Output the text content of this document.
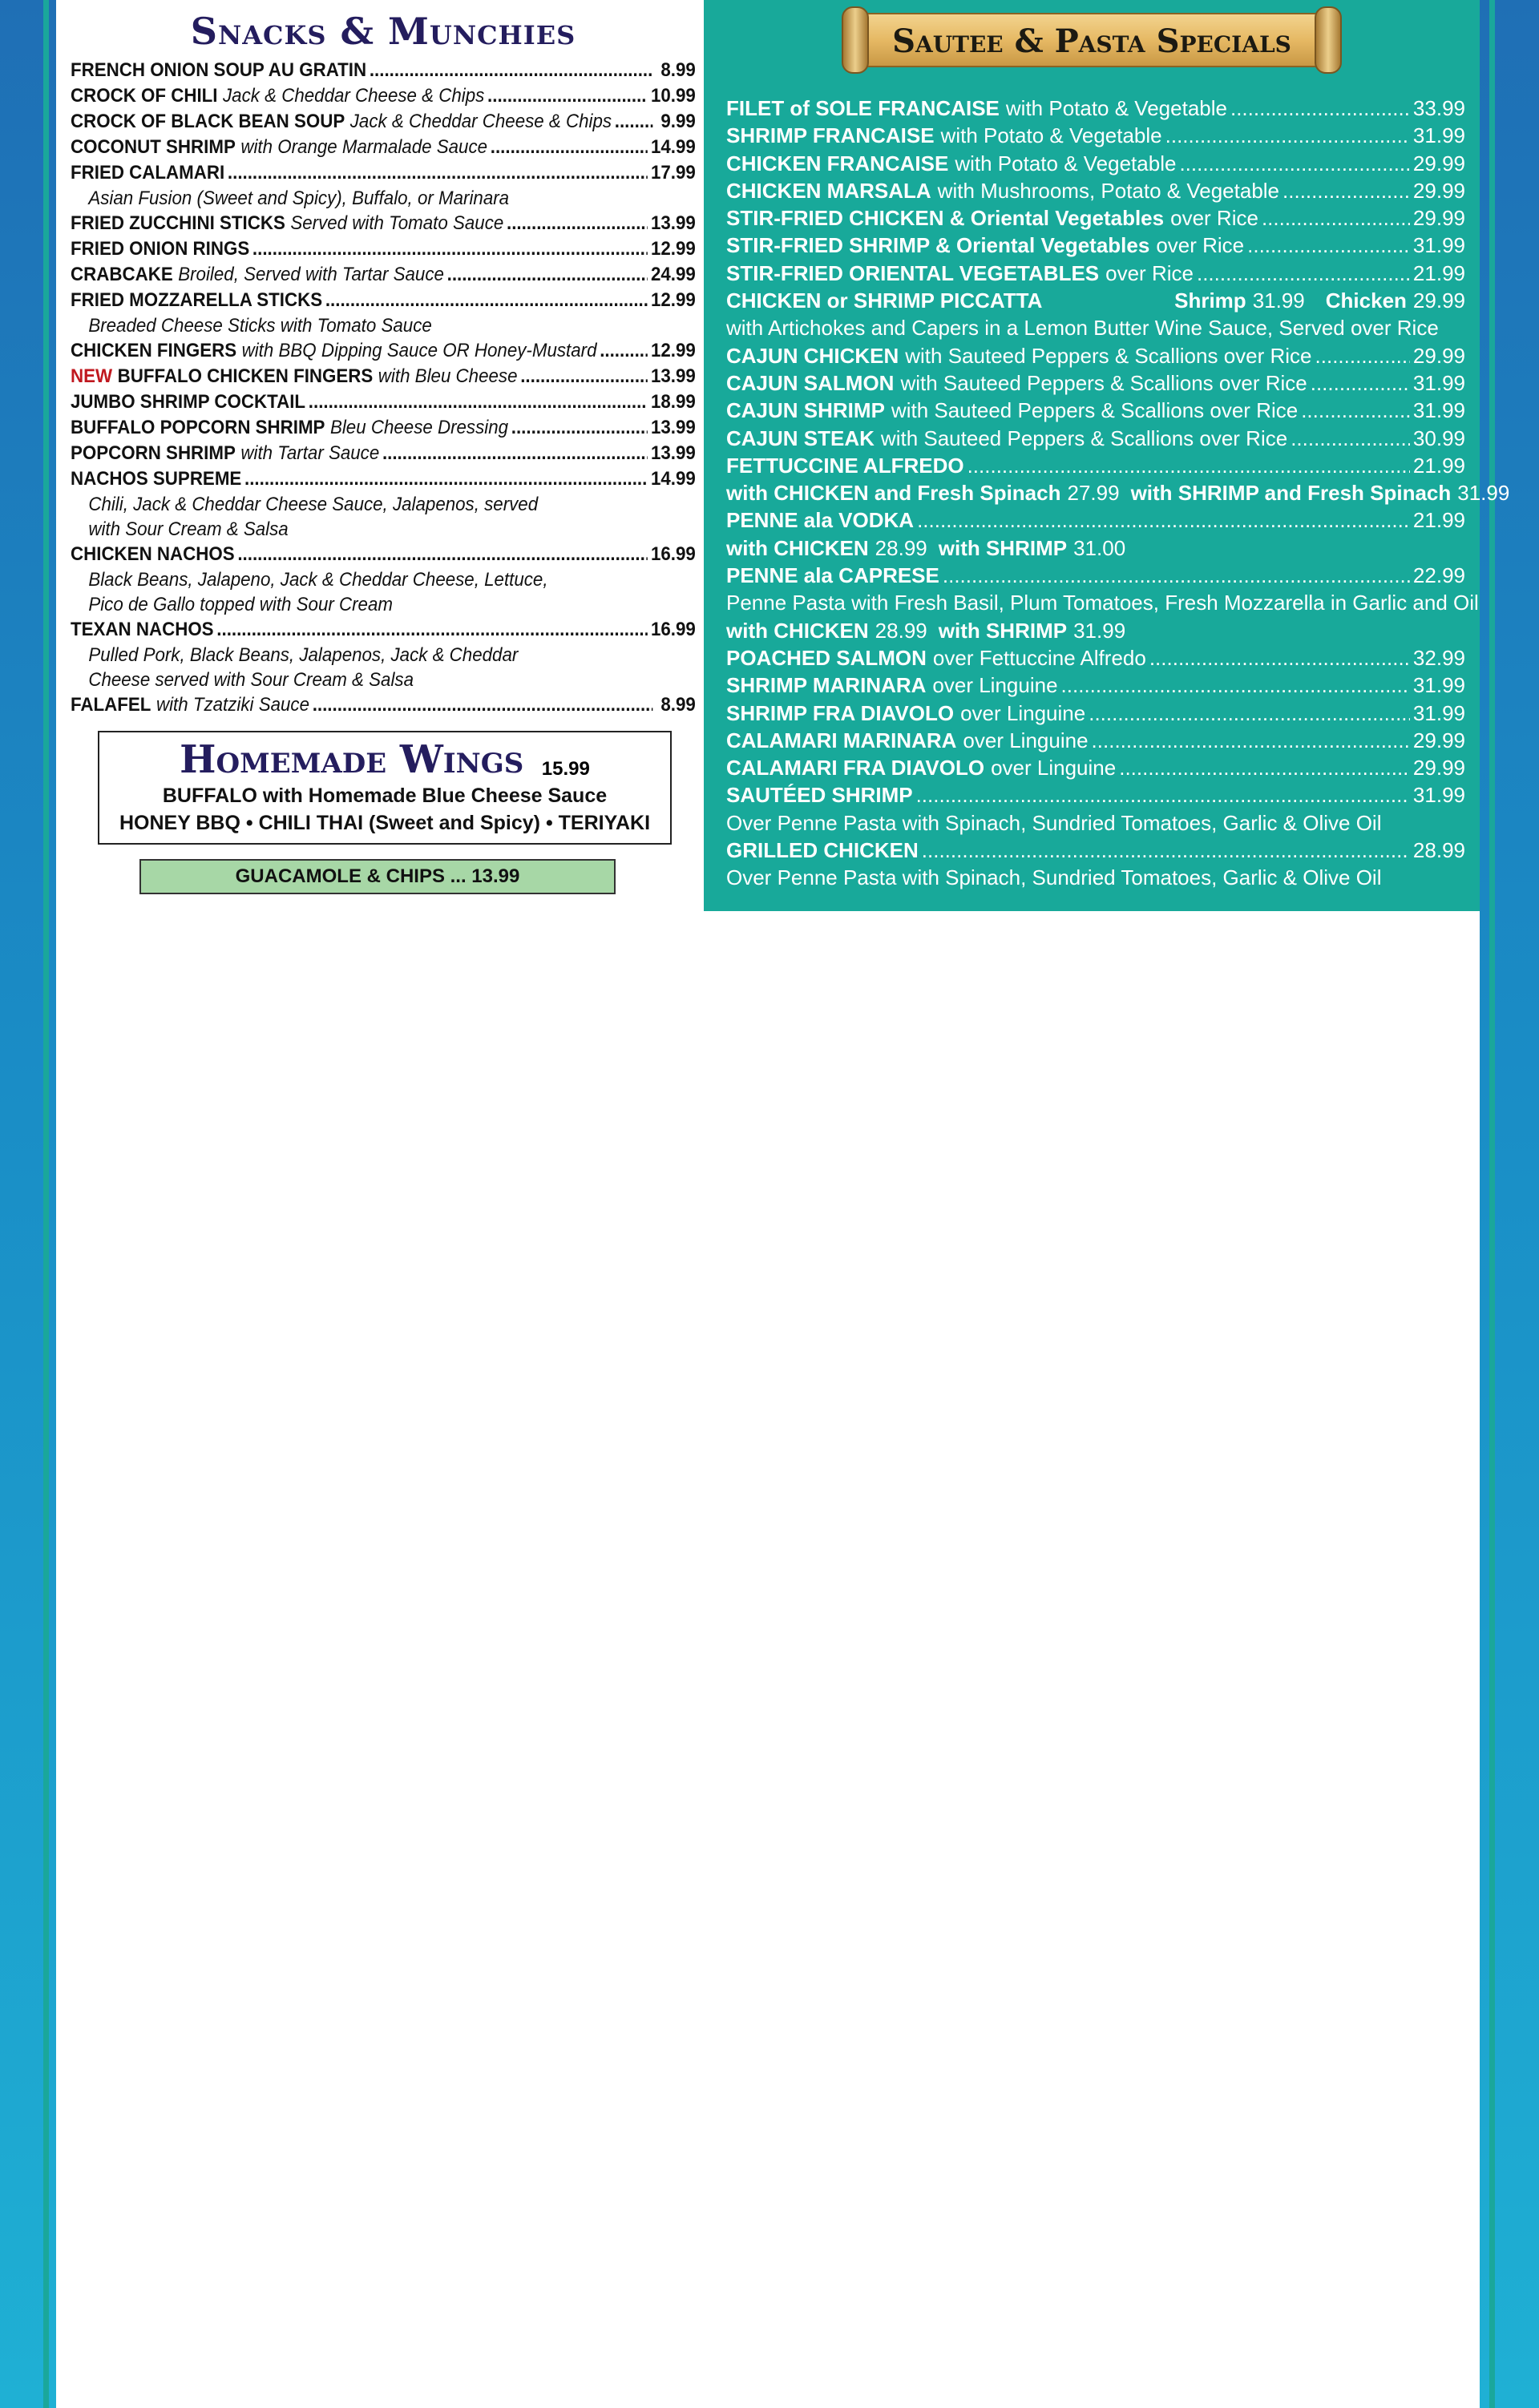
Snacks & Munchies
FRENCH ONION SOUP AU GRATIN .....	8.99
CROCK OF CHILI Jack & Cheddar Cheese & Chips .....	10.99
CROCK OF BLACK BEAN SOUP Jack & Cheddar Cheese & Chips .....	9.99
COCONUT SHRIMP with Orange Marmalade Sauce .....	14.99
FRIED CALAMARI .....	17.99
Asian Fusion (Sweet and Spicy), Buffalo, or Marinara
FRIED ZUCCHINI STICKS Served with Tomato Sauce .....	13.99
FRIED ONION RINGS .....	12.99
CRABCAKE Broiled, Served with Tartar Sauce .....	24.99
FRIED MOZZARELLA STICKS .....	12.99
Breaded Cheese Sticks with Tomato Sauce
CHICKEN FINGERS with BBQ Dipping Sauce OR Honey-Mustard .....	12.99
NEW BUFFALO CHICKEN FINGERS with Bleu Cheese .....	13.99
JUMBO SHRIMP COCKTAIL .....	18.99
BUFFALO POPCORN SHRIMP Bleu Cheese Dressing .....	13.99
POPCORN SHRIMP with Tartar Sauce .....	13.99
NACHOS SUPREME .....	14.99
Chili, Jack & Cheddar Cheese Sauce, Jalapenos, served
with Sour Cream & Salsa
CHICKEN NACHOS .....	16.99
Black Beans, Jalapeno, Jack & Cheddar Cheese, Lettuce,
Pico de Gallo topped with Sour Cream
TEXAN NACHOS .....	16.99
Pulled Pork, Black Beans, Jalapenos, Jack & Cheddar
Cheese served with Sour Cream & Salsa
FALAFEL with Tzatziki Sauce .....	8.99
Homemade Wings 15.99
BUFFALO with Homemade Blue Cheese Sauce
HONEY BBQ • CHILI THAI (Sweet and Spicy) • TERIYAKI
GUACAMOLE & CHIPS ... 13.99
Sautee & Pasta Specials
FILET of SOLE FRANCAISE with Potato & Vegetable .....	33.99
SHRIMP FRANCAISE with Potato & Vegetable .....	31.99
CHICKEN FRANCAISE with Potato & Vegetable .....	29.99
CHICKEN MARSALA with Mushrooms, Potato & Vegetable .....	29.99
STIR-FRIED CHICKEN & Oriental Vegetables over Rice .....	29.99
STIR-FRIED SHRIMP & Oriental Vegetables over Rice .....	31.99
STIR-FRIED ORIENTAL VEGETABLES over Rice .....	21.99
CHICKEN or SHRIMP PICCATTA	Shrimp 31.99 Chicken 29.99
with Artichokes and Capers in a Lemon Butter Wine Sauce, Served over Rice
CAJUN CHICKEN with Sauteed Peppers & Scallions over Rice .....	29.99
CAJUN SALMON with Sauteed Peppers & Scallions over Rice .....	31.99
CAJUN SHRIMP with Sauteed Peppers & Scallions over Rice .....	31.99
CAJUN STEAK with Sauteed Peppers & Scallions over Rice .....	30.99
FETTUCCINE ALFREDO .....	21.99
with CHICKEN and Fresh Spinach 27.99 with SHRIMP and Fresh Spinach 31.99
PENNE ala VODKA .....	21.99
with CHICKEN 28.99 with SHRIMP 31.00
PENNE ala CAPRESE .....	22.99
Penne Pasta with Fresh Basil, Plum Tomatoes, Fresh Mozzarella in Garlic and Oil
with CHICKEN 28.99 with SHRIMP 31.99
POACHED SALMON over Fettuccine Alfredo .....	32.99
SHRIMP MARINARA over Linguine .....	31.99
SHRIMP FRA DIAVOLO over Linguine .....	31.99
CALAMARI MARINARA over Linguine .....	29.99
CALAMARI FRA DIAVOLO over Linguine .....	29.99
SAUTÉED SHRIMP .....	31.99
Over Penne Pasta with Spinach, Sundried Tomatoes, Garlic & Olive Oil
GRILLED CHICKEN .....	28.99
Over Penne Pasta with Spinach, Sundried Tomatoes, Garlic & Olive Oil
